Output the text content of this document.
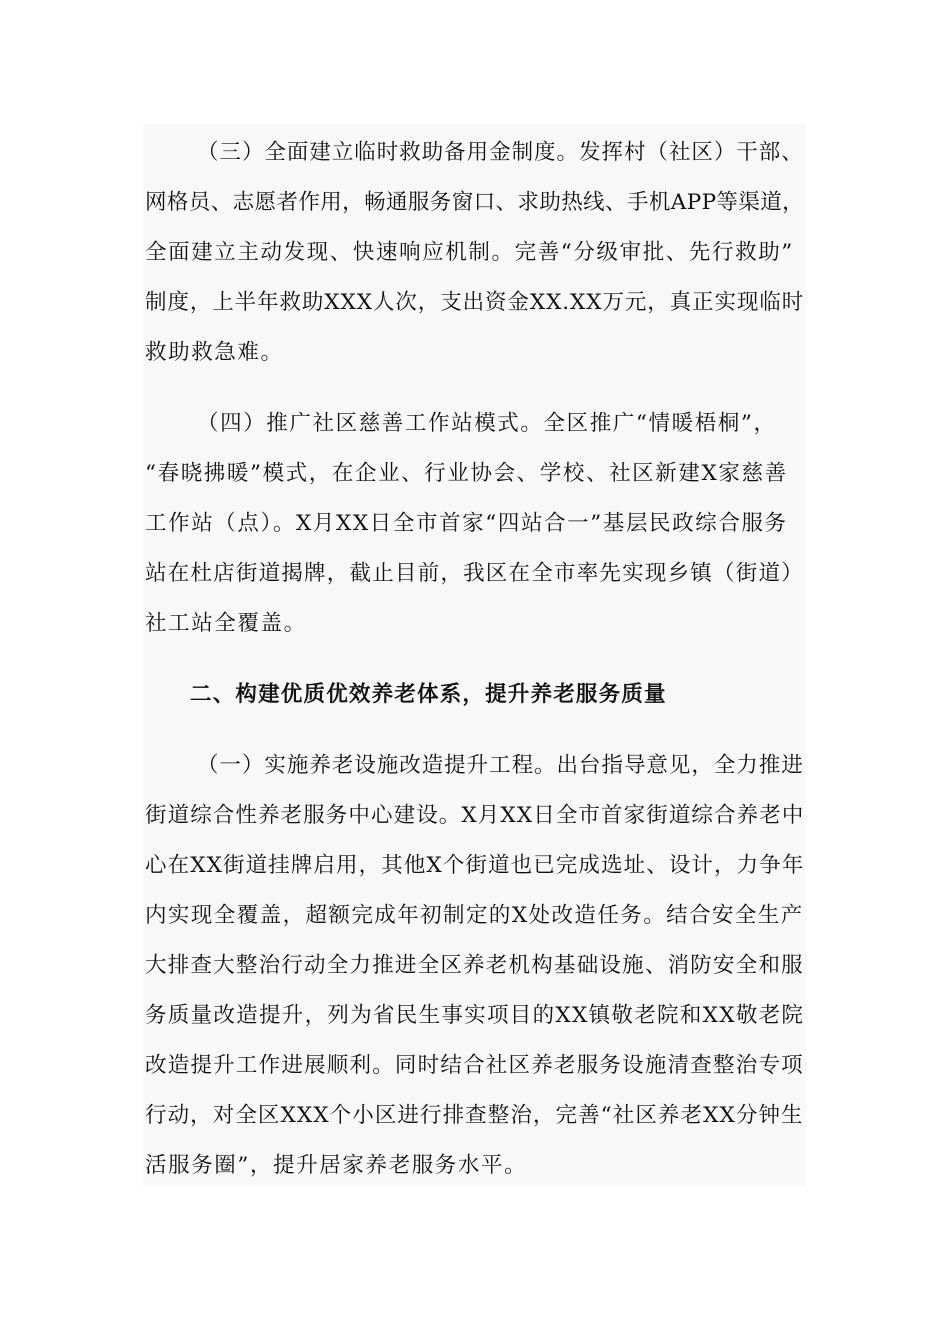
（三）全面建立临时救助备用金制度。发挥村（社区）干部、
网格员、志愿者作用，畅通服务窗口、求助热线、手机APP等渠道，
全面建立主动发现、快速响应机制。完善“分级审批、先行救助”
制度，上半年救助XXX人次，支出资金XX.XX万元，真正实现临时
救助救急难。
（四）推广社区慈善工作站模式。全区推广“情暖梧桐”，
“春晓拂暖”模式，在企业、行业协会、学校、社区新建X家慈善
工作站（点）。X月XX日全市首家“四站合一”基层民政综合服务
站在杜店街道揭牌，截止目前，我区在全市率先实现乡镇（街道）
社工站全覆盖。
二、构建优质优效养老体系，提升养老服务质量
（一）实施养老设施改造提升工程。出台指导意见，全力推进
街道综合性养老服务中心建设。X月XX日全市首家街道综合养老中
心在XX街道挂牌启用，其他X个街道也已完成选址、设计，力争年
内实现全覆盖，超额完成年初制定的X处改造任务。结合安全生产
大排查大整治行动全力推进全区养老机构基础设施、消防安全和服
务质量改造提升，列为省民生事实项目的XX镇敬老院和XX敬老院
改造提升工作进展顺利。同时结合社区养老服务设施清查整治专项
行动，对全区XXX个小区进行排查整治，完善“社区养老XX分钟生
活服务圈”，提升居家养老服务水平。
